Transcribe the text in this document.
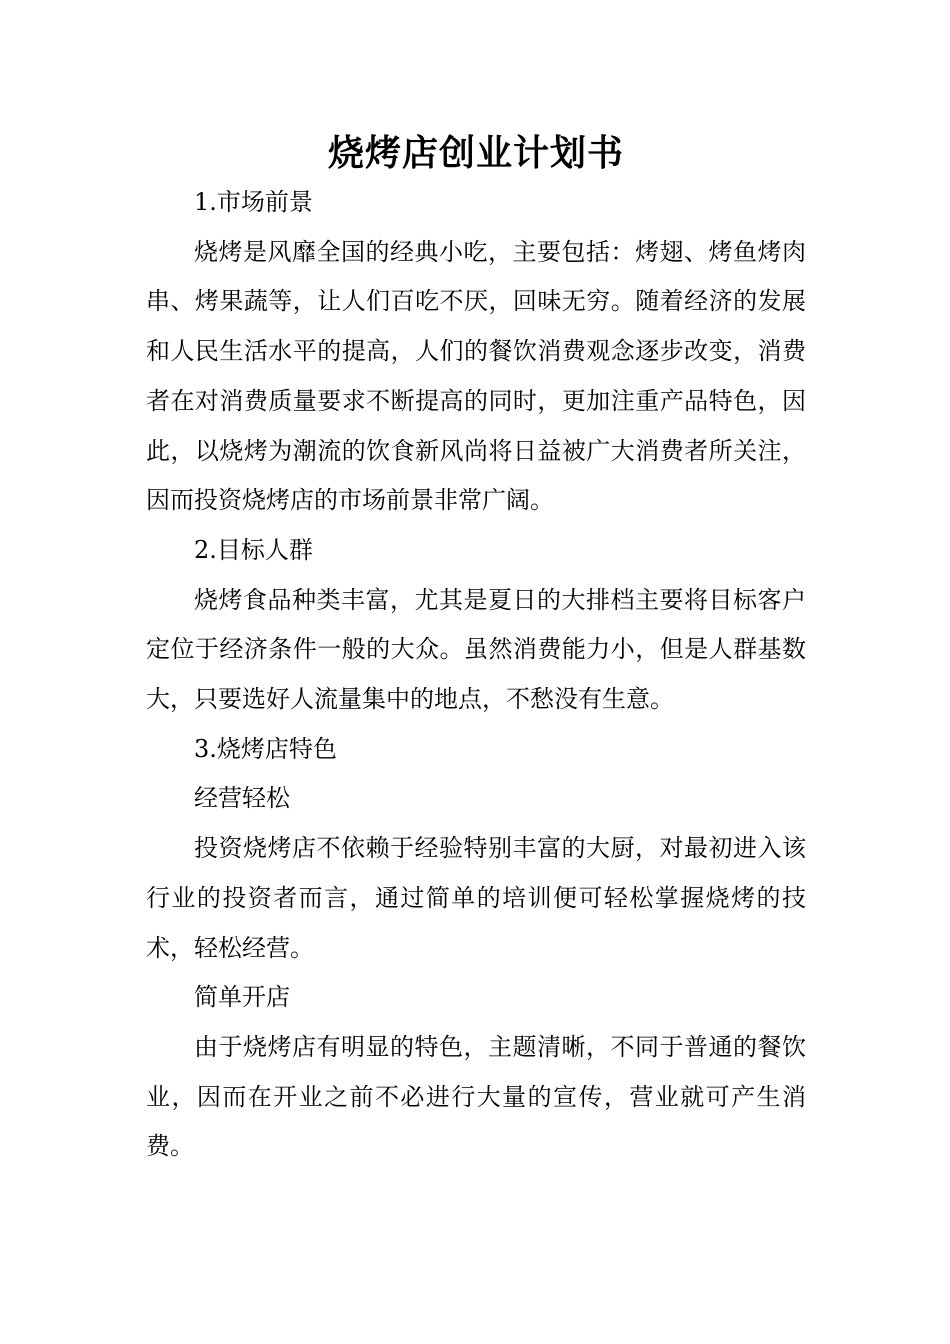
烧烤店创业计划书

1.市场前景

烧烤是风靡全国的经典小吃，主要包括：烤翅、烤鱼烤肉串、烤果蔬等，让人们百吃不厌，回味无穷。随着经济的发展和人民生活水平的提高，人们的餐饮消费观念逐步改变，消费者在对消费质量要求不断提高的同时，更加注重产品特色，因此，以烧烤为潮流的饮食新风尚将日益被广大消费者所关注，因而投资烧烤店的市场前景非常广阔。

2.目标人群

烧烤食品种类丰富，尤其是夏日的大排档主要将目标客户定位于经济条件一般的大众。虽然消费能力小，但是人群基数大，只要选好人流量集中的地点，不愁没有生意。

3.烧烤店特色

经营轻松

投资烧烤店不依赖于经验特别丰富的大厨，对最初进入该行业的投资者而言，通过简单的培训便可轻松掌握烧烤的技术，轻松经营。

简单开店

由于烧烤店有明显的特色，主题清晰，不同于普通的餐饮业，因而在开业之前不必进行大量的宣传，营业就可产生消费。
